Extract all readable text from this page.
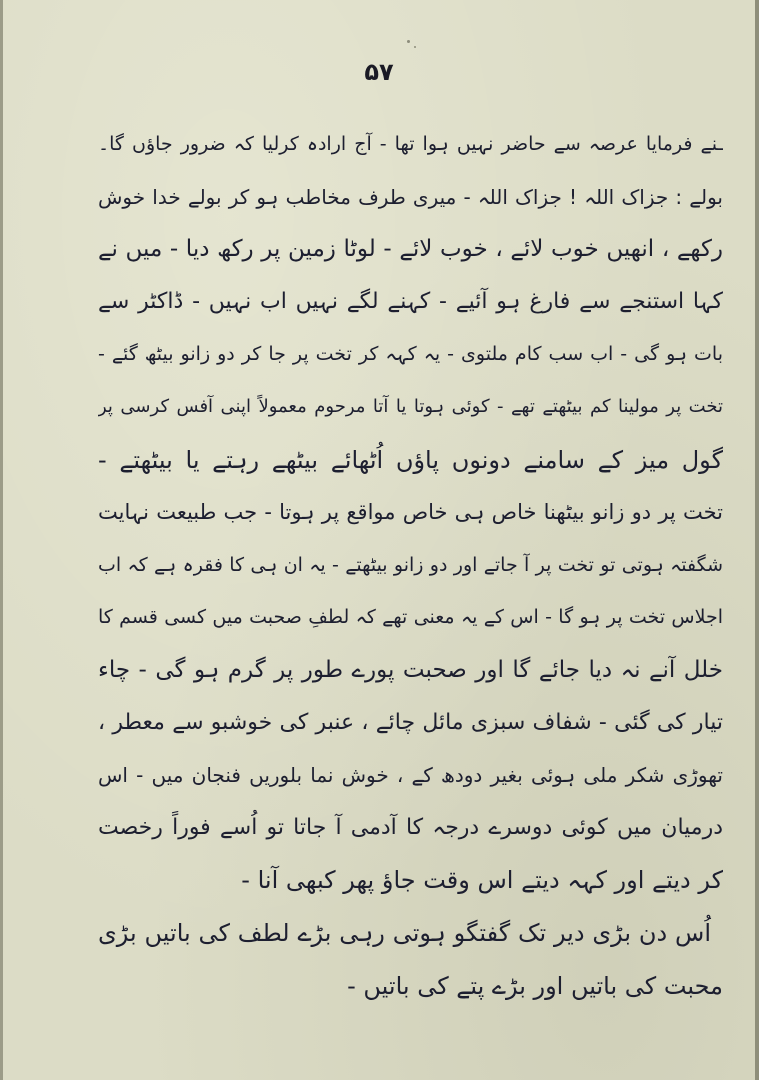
۵۷
ـنے فرمایا عرصہ سے حاضر نہیں ہوا تھا - آج ارادہ کرلیا کہ ضرور جاؤں گا۔
بولے : جزاک اللہ ! جزاک اللہ - میری طرف مخاطب ہو کر بولے خدا خوش
رکھے ، انھیں خوب لائے ، خوب لائے - لوٹا زمین پر رکھ دیا - میں نے
کہا استنجے سے فارغ ہو آئیے - کہنے لگے نہیں اب نہیں - ڈاکٹر سے
بات ہو گی - اب سب کام ملتوی - یہ کہہ کر تخت پر جا کر دو زانو بیٹھ گئے -
تخت پر مولینا کم بیٹھتے تھے - کوئی ہوتا یا آتا مرحوم معمولاً اپنی آفس کرسی پر
گول میز کے سامنے دونوں پاؤں اُٹھائے بیٹھے رہتے یا بیٹھتے -
تخت پر دو زانو بیٹھنا خاص ہی خاص مواقع پر ہوتا - جب طبیعت نہایت
شگفتہ ہوتی تو تخت پر آ جاتے اور دو زانو بیٹھتے - یہ ان ہی کا فقرہ ہے کہ اب
اجلاس تخت پر ہو گا - اس کے یہ معنی تھے کہ لطفِ صحبت میں کسی قسم کا
خلل آنے نہ دیا جائے گا اور صحبت پورے طور پر گرم ہو گی - چاء
تیار کی گئی - شفاف سبزی مائل چائے ، عنبر کی خوشبو سے معطر ،
تھوڑی شکر ملی ہوئی بغیر دودھ کے ، خوش نما بلوریں فنجان میں - اس
درمیان میں کوئی دوسرے درجہ کا آدمی آ جاتا تو اُسے فوراً رخصت
کر دیتے اور کہہ دیتے اس وقت جاؤ پھر کبھی آنا -
اُس دن بڑی دیر تک گفتگو ہوتی رہی بڑے لطف کی باتیں بڑی
محبت کی باتیں اور بڑے پتے کی باتیں -
